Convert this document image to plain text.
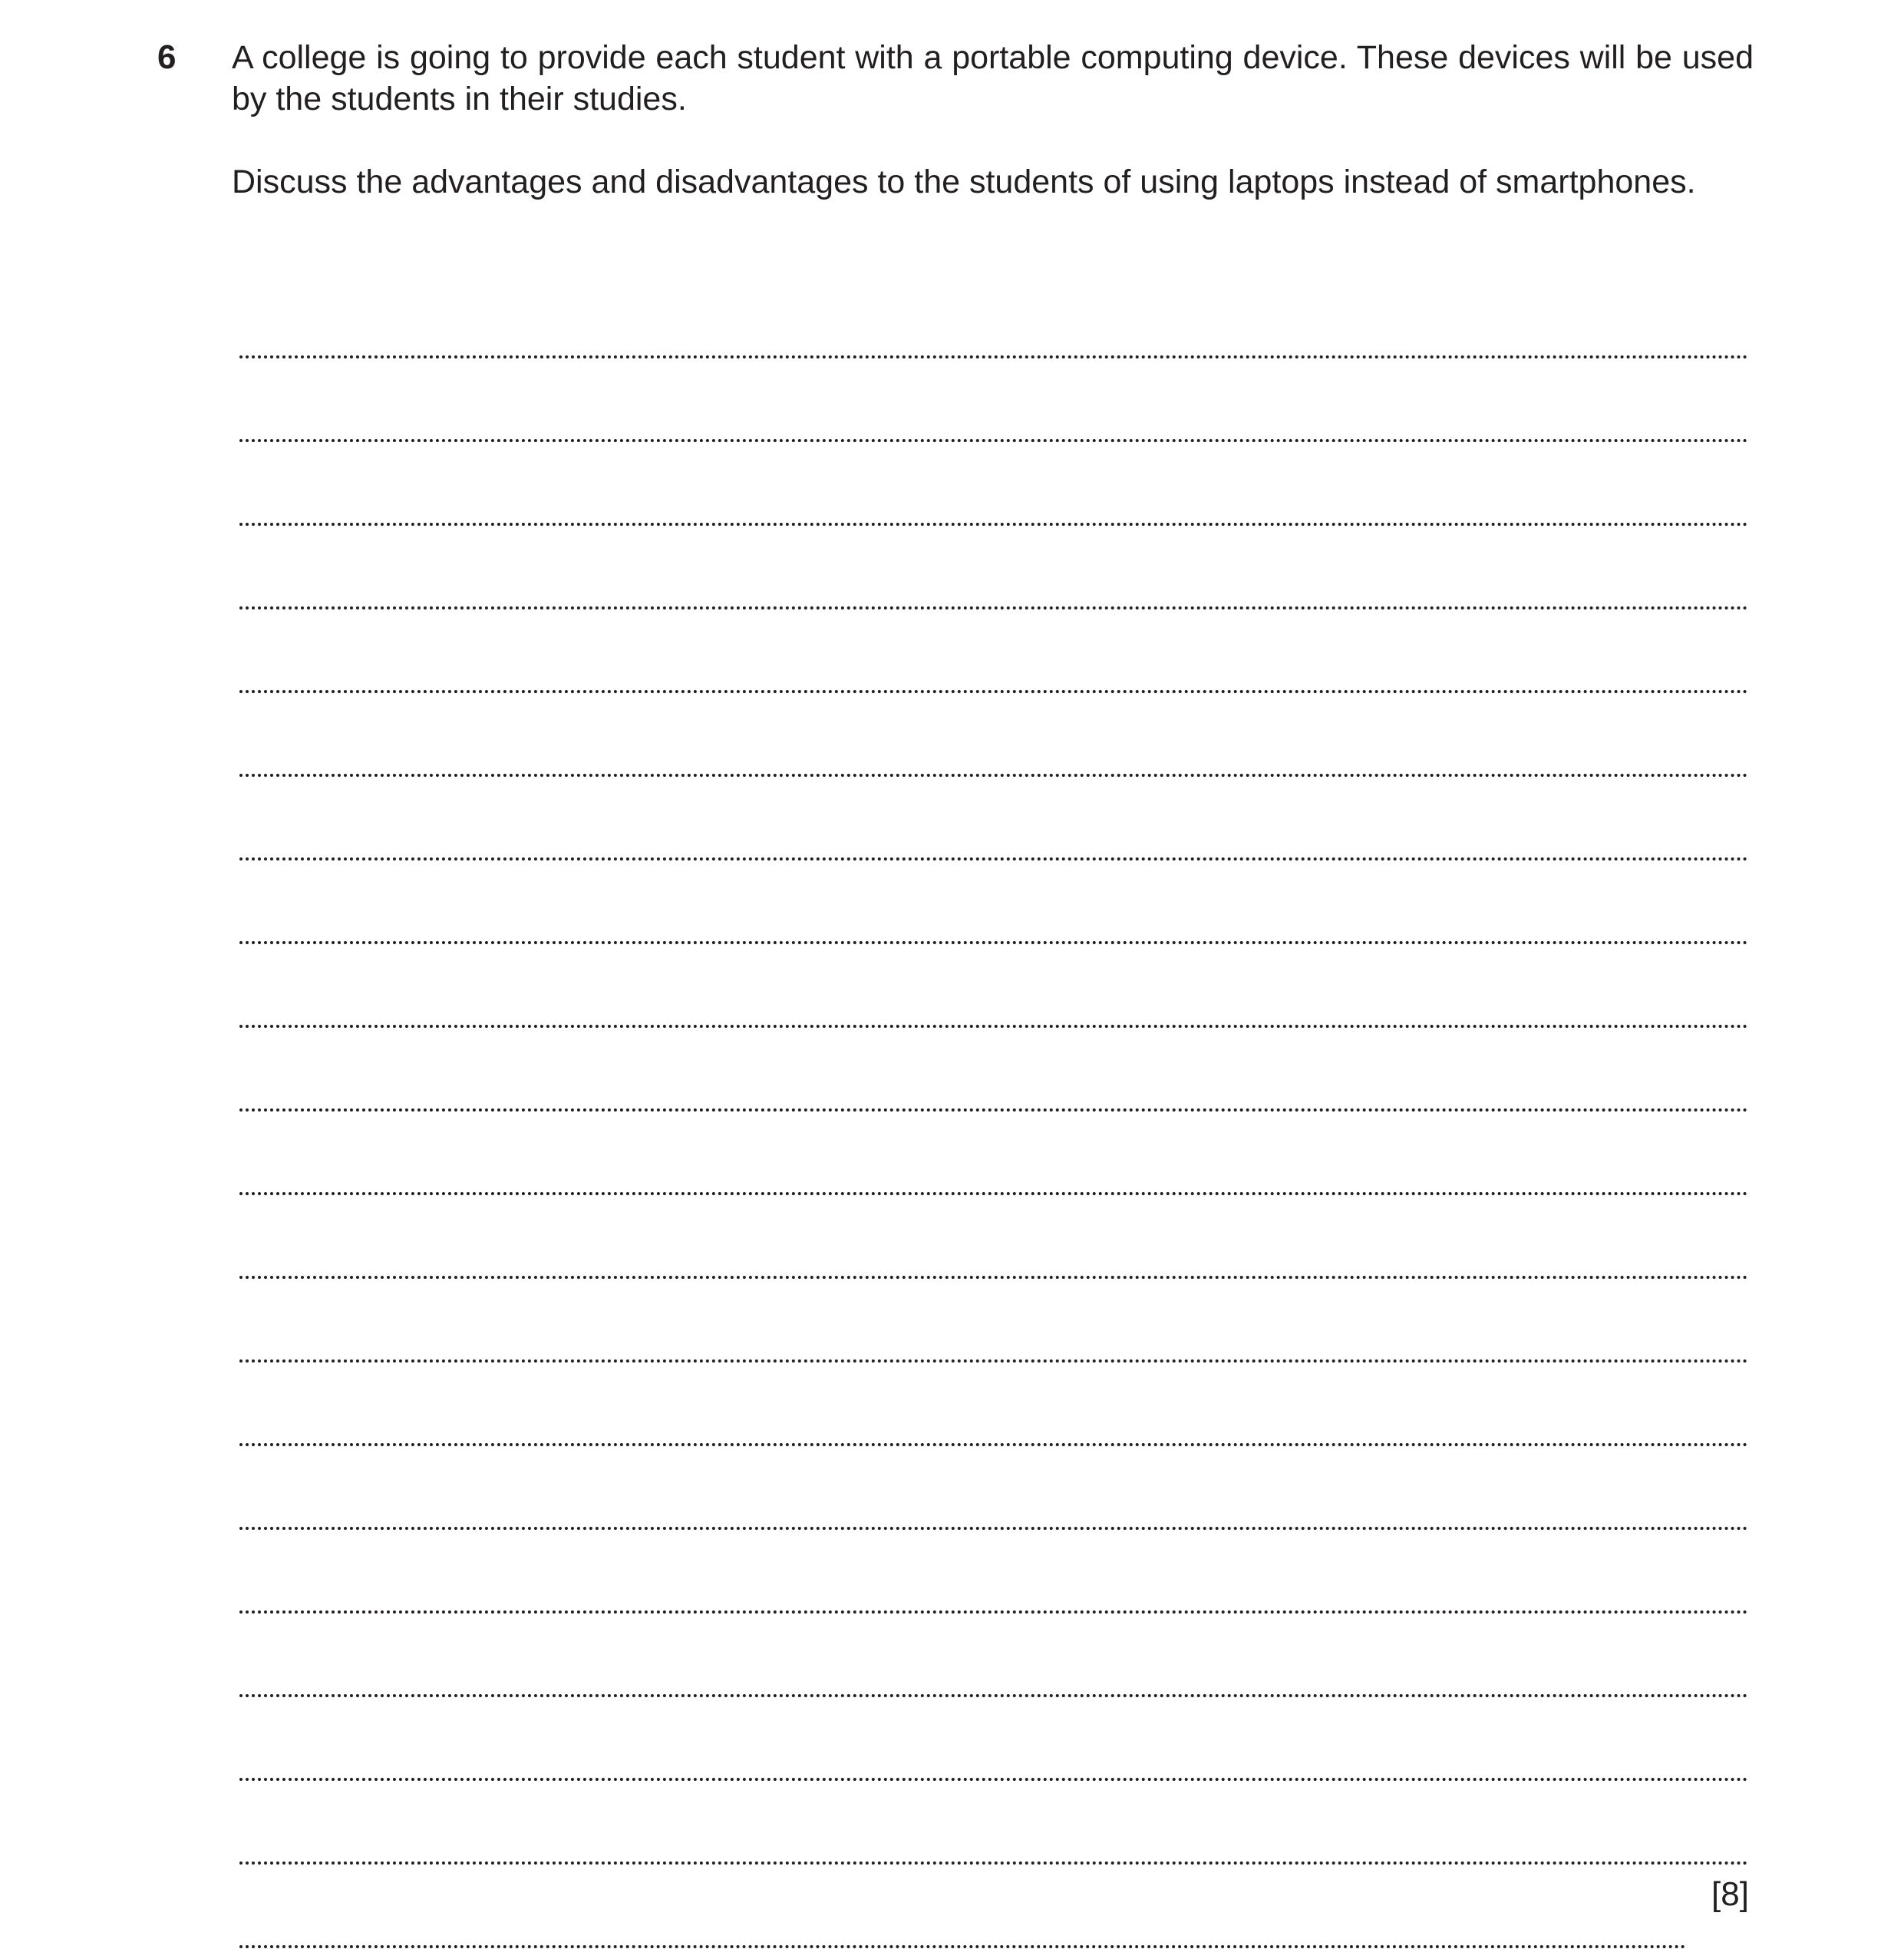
6 A college is going to provide each student with a portable computing device. These devices will be used by the students in their studies.

Discuss the advantages and disadvantages to the students of using laptops instead of smartphones.

[8]
